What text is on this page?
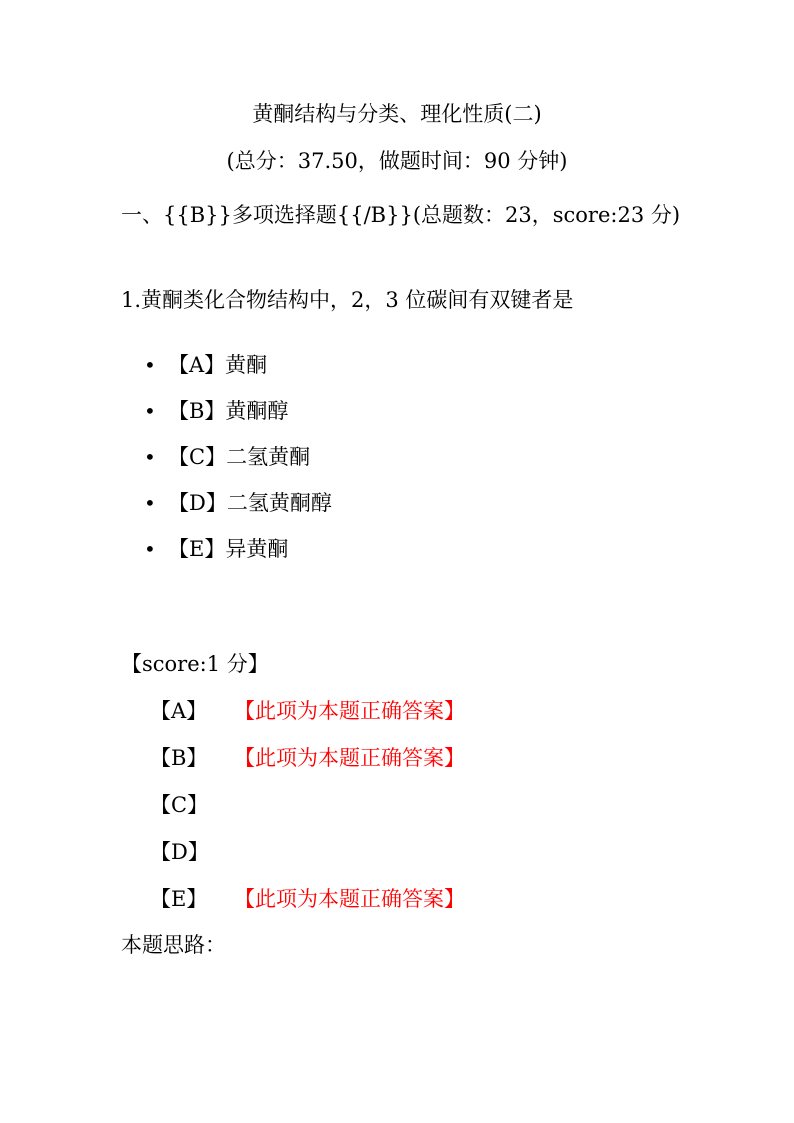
黄酮结构与分类、理化性质(二)
(总分：37.50，做题时间：90 分钟)
一、{{B}}多项选择题{{/B}}(总题数：23，score:23 分)
1.黄酮类化合物结构中，2，3 位碳间有双键者是
• 【A】黄酮
• 【B】黄酮醇
• 【C】二氢黄酮
• 【D】二氢黄酮醇
• 【E】异黄酮
【score:1 分】
【A】	【此项为本题正确答案】
【B】	【此项为本题正确答案】
【C】
【D】
【E】	【此项为本题正确答案】
本题思路：
